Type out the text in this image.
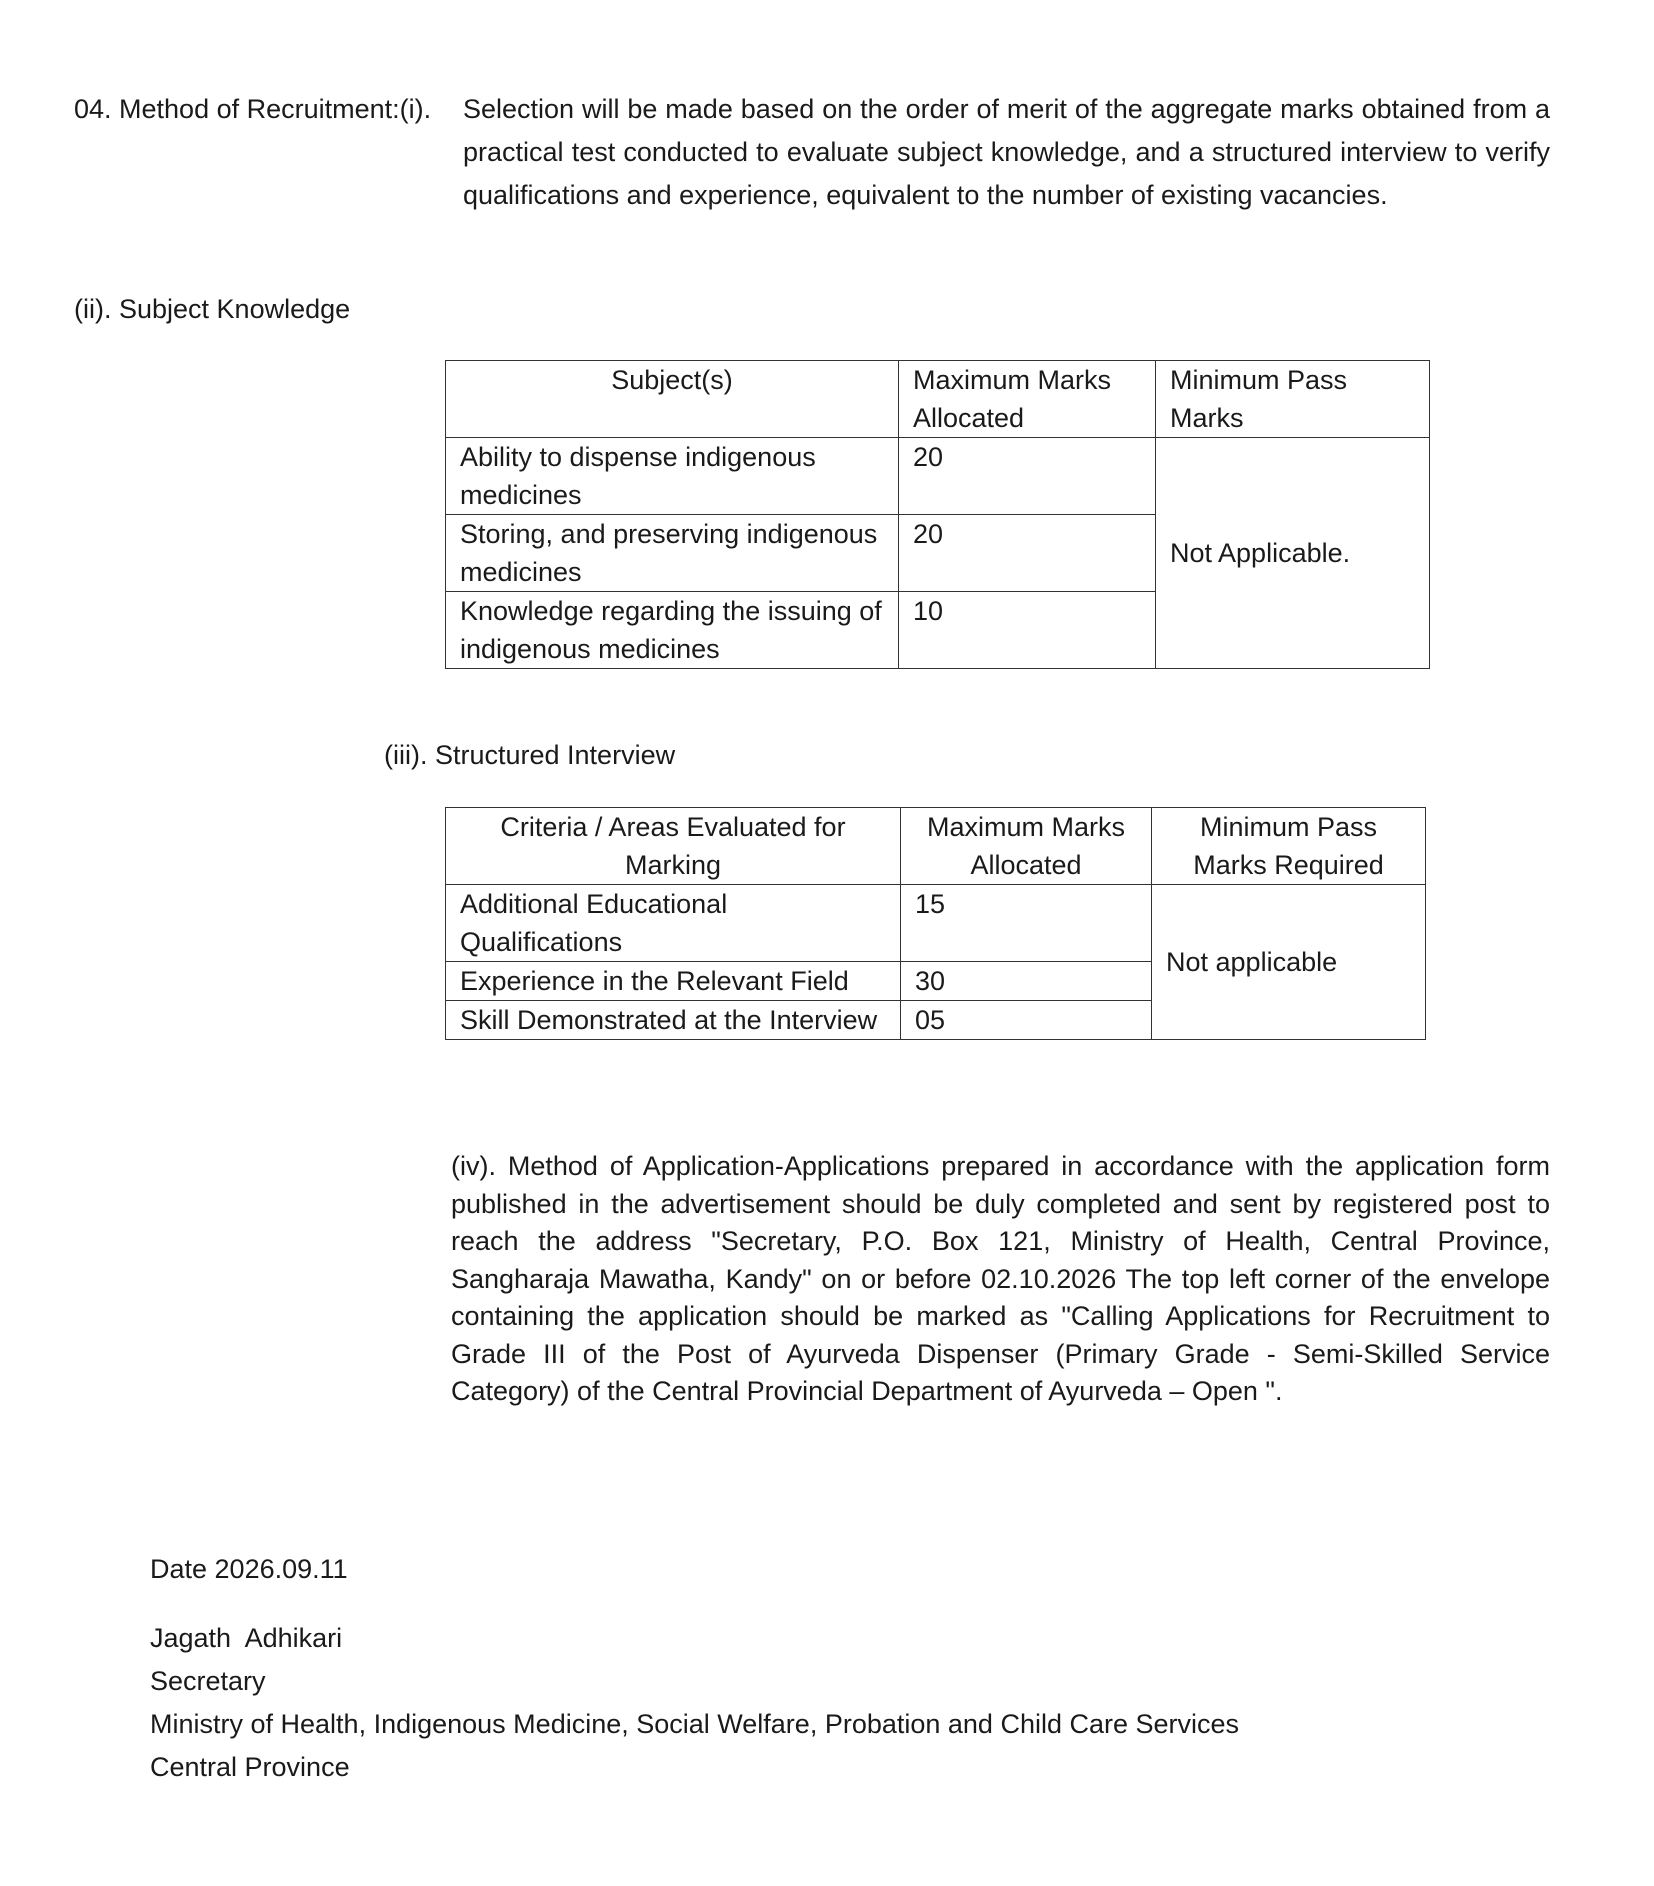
04. Method of Recruitment:(i). Selection will be made based on the order of merit of the aggregate marks obtained from a practical test conducted to evaluate subject knowledge, and a structured interview to verify qualifications and experience, equivalent to the number of existing vacancies.
(ii). Subject Knowledge
Subject(s)	Maximum Marks Allocated	Minimum Pass Marks
Ability to dispense indigenous medicines	20	Not Applicable.
Storing, and preserving indigenous medicines	20	
Knowledge regarding the issuing of indigenous medicines	10	
(iii). Structured Interview
Criteria / Areas Evaluated for Marking	Maximum Marks Allocated	Minimum Pass Marks Required
Additional Educational Qualifications	15	Not applicable
Experience in the Relevant Field	30	
Skill Demonstrated at the Interview	05	
(iv). Method of Application-Applications prepared in accordance with the application form published in the advertisement should be duly completed and sent by registered post to reach the address "Secretary, P.O. Box 121, Ministry of Health, Central Province, Sangharaja Mawatha, Kandy" on or before 02.10.2026 The top left corner of the envelope containing the application should be marked as "Calling Applications for Recruitment to Grade III of the Post of Ayurveda Dispenser (Primary Grade - Semi-Skilled Service Category) of the Central Provincial Department of Ayurveda – Open ".
Date 2026.09.11
Jagath  Adhikari
Secretary
Ministry of Health, Indigenous Medicine, Social Welfare, Probation and Child Care Services
Central Province
